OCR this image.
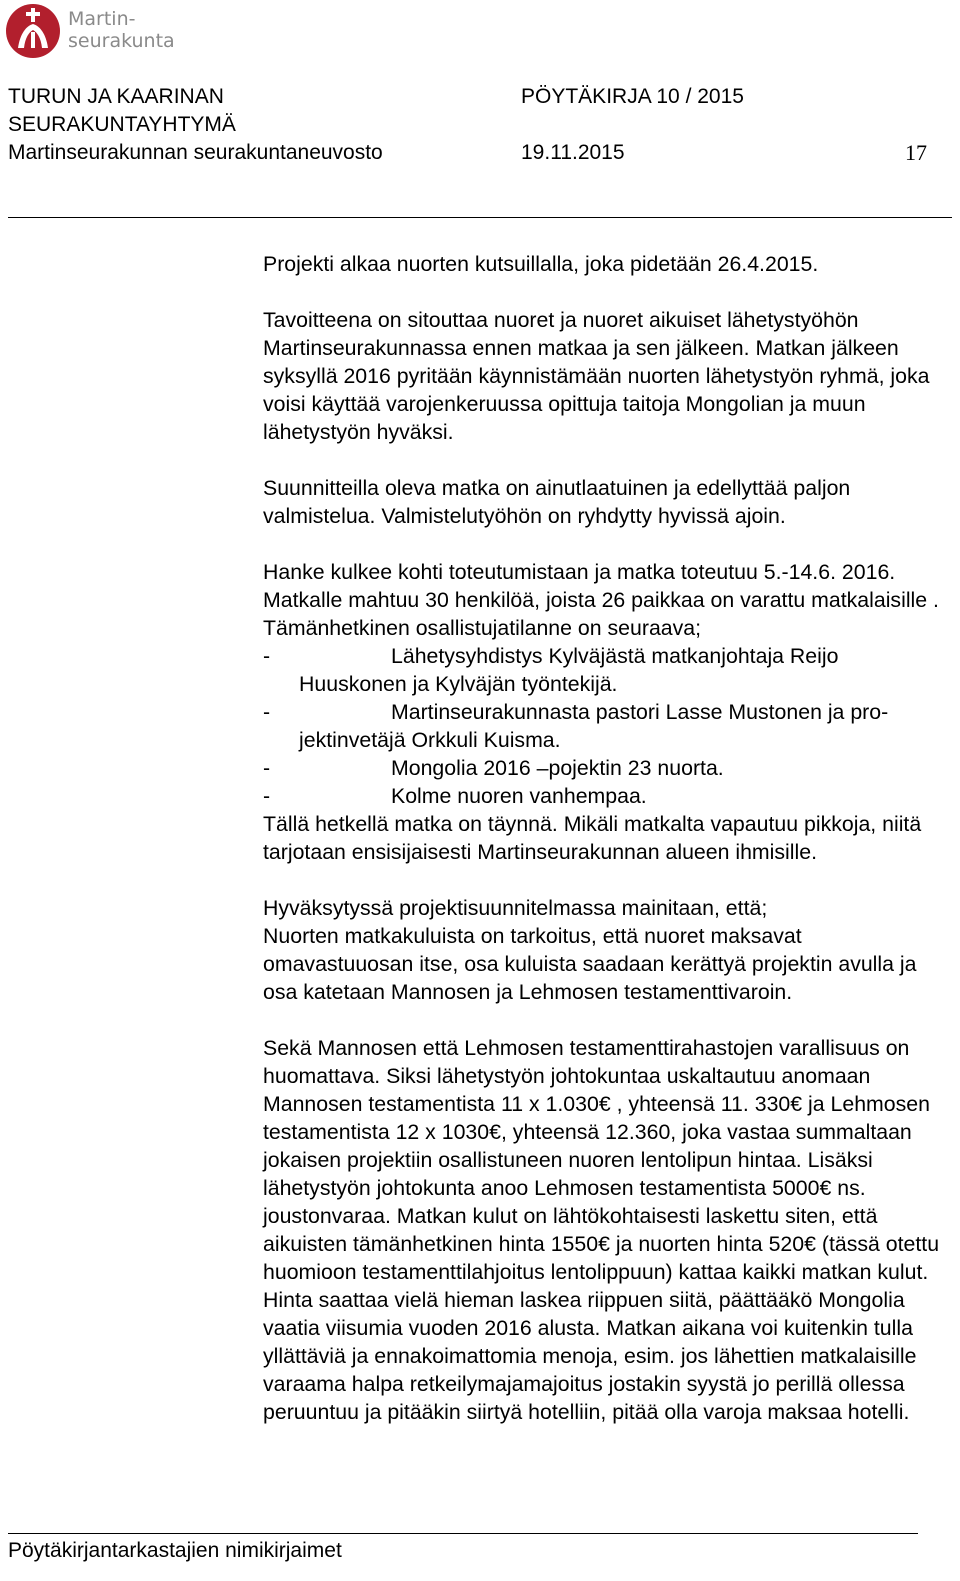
Martin-
seurakunta
TURUN JA KAARINAN
SEURAKUNTAYHTYMÄ
PÖYTÄKIRJA 10 / 2015
Martinseurakunnan seurakuntaneuvosto	19.11.2015	17

Projekti alkaa nuorten kutsuillalla, joka pidetään 26.4.2015.

Tavoitteena on sitouttaa nuoret ja nuoret aikuiset lähetystyöhön Martinseurakunnassa ennen matkaa ja sen jälkeen. Matkan jälkeen syksyllä 2016 pyritään käynnistämään nuorten lähetystyön ryhmä, joka voisi käyttää varojenkeruussa opittuja taitoja Mongolian ja muun lähetystyön hyväksi.

Suunnitteilla oleva matka on ainutlaatuinen ja edellyttää paljon valmistelua. Valmistelutyöhön on ryhdytty hyvissä ajoin.

Hanke kulkee kohti toteutumistaan ja matka toteutuu 5.-14.6. 2016. Matkalle mahtuu 30 henkilöä, joista 26 paikkaa on varattu matkalaisille .

Tämänhetkinen osallistujatilanne on seuraava;

-	Lähetysyhdistys Kylväjästä matkanjohtaja Reijo
Huuskonen ja Kylväjän työntekijä.
-	Martinseurakunnasta pastori Lasse Mustonen ja pro-
jektinvetäjä Orkkuli Kuisma.
-	Mongolia 2016 –pojektin 23 nuorta.
-	Kolme nuoren vanhempaa.

Tällä hetkellä matka on täynnä. Mikäli matkalta vapautuu pikkoja, niitä tarjotaan ensisijaisesti Martinseurakunnan alueen ihmisille.

Hyväksytyssä projektisuunnitelmassa mainitaan, että;

Nuorten matkakuluista on tarkoitus, että nuoret maksavat omavastuuosan itse, osa kuluista saadaan kerättyä projektin avulla ja osa katetaan Mannosen ja Lehmosen testamenttivaroin.

Sekä Mannosen että Lehmosen testamenttirahastojen varallisuus on huomattava. Siksi lähetystyön johtokuntaa uskaltautuu anomaan Mannosen testamentista 11 x 1.030€ , yhteensä 11. 330€ ja Lehmosen testamentista 12 x 1030€, yhteensä 12.360, joka vastaa summaltaan jokaisen projektiin osallistuneen nuoren lentolipun hintaa. Lisäksi lähetystyön johtokunta anoo Lehmosen testamentista 5000€ ns. joustonvaraa. Matkan kulut on lähtökohtaisesti laskettu siten, että aikuisten tämänhetkinen hinta 1550€ ja nuorten hinta 520€ (tässä otettu huomioon testamenttilahjoitus lentolippuun) kattaa kaikki matkan kulut. Hinta saattaa vielä hieman laskea riippuen siitä, päättääkö Mongolia vaatia viisumia vuoden 2016 alusta. Matkan aikana voi kuitenkin tulla yllättäviä ja ennakoimattomia menoja, esim. jos lähettien matkalaisille varaama halpa retkeilymajamajoitus jostakin syystä jo perillä ollessa peruuntuu ja pitääkin siirtyä hotelliin, pitää olla varoja maksaa hotelli.

Pöytäkirjantarkastajien nimikirjaimet
